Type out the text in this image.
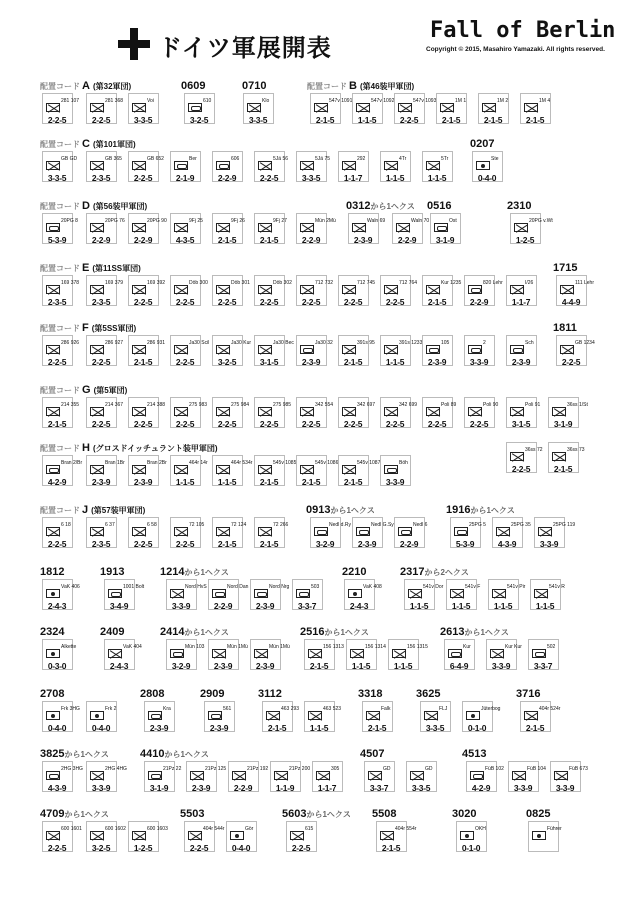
ドイツ軍展開表
Fall of Berlin
Copyright © 2015, Masahiro Yamazaki. All rights reserved.
配置コード A (第32軍団)	0609	0710	配置コード B (第46装甲軍団)
281 107
2-2-5
281 368
2-2-5
Voi
3-3-5
610
3-2-5
Klo
3-3-5
547v 1091
2-1-5
547v 1092
1-1-5
547v 1093
2-2-5
1M 1
2-1-5
1M 2
2-1-5
1M 4
2-1-5
配置コード C (第101軍団)	0207
GB GD
3-3-5
GB 365
2-3-5
GB 652
2-2-5
Ber
2-1-9
606
2-2-9
5Jä 56
2-2-5
5Jä 75
3-3-5
292
1-1-7
4Tr
1-1-5
5Tr
1-1-5
Ste
0-4-0
配置コード D (第56装甲軍団)	0312から1ヘクス 0516	2310
20PG 8
5-3-9
20PG 76
2-2-9
20PG 90
2-2-9
9Fj 25
4-3-5
9Fj 26
2-1-5
9Fj 27
2-1-5
Mün 2Mü
2-2-9
Waln 69
2-3-9
Waln 70
2-2-9
Ost
3-1-9
20PG v.Wt
1-2-5
配置コード E (第11SS軍団)	1715
169 378
2-3-5
169 379
2-3-5
169 392
2-2-5
Döb 300
2-2-5
Döb 301
2-2-5
Döb 302
2-2-5
712 732
2-2-5
712 745
2-2-5
712 764
2-2-5
Kur 1235
2-1-5
820 Lehr
2-2-9
I/26
1-1-7
111 Lehr
4-4-9
配置コード F (第5SS軍団)	1811
286 926
2-2-5
286 927
2-2-5
286 931
2-1-5
Ja30 Scil
2-2-5
Ja30 Kur
3-2-5
Ja30 Bec
3-1-5
Ja30 32
2-3-9
391s 95
2-1-5
391s 1233
1-1-5
105
2-3-9
2
3-3-9
Sch
2-3-9
GB 1234
2-2-5
配置コード G (第5軍団)
214 355
2-1-5
214 367
2-2-5
214 388
2-2-5
275 983
2-2-5
275 984
2-2-5
275 985
2-2-5
342 554
2-2-5
342 697
2-2-5
342 699
2-2-5
Poli 89
2-2-5
Poli 90
2-2-5
Poli 91
3-1-5
36ss 1/St
3-1-9
配置コード H (グロスドイッチュラント装甲軍団)
Bran 2/Br
4-2-9
Bran 1Br
2-3-9
Bran 2Br
2-3-9
464r 14r
1-1-5
464r 534r
1-1-5
545v 1085
2-1-5
545v 1086
2-1-5
545v 1087
2-1-5
Böh
3-3-9
36ss 72
2-2-5
36ss 73
2-1-5
配置コード J (第57装甲軍団)	0913から1ヘクス	1916から1ヘクス
6 18
2-2-5
6 37
2-3-5
6 58
2-2-5
72 105
2-2-5
72 124
2-1-5
72 266
2-1-5
Nedl d.Ry
3-2-9
Nedl G.Sy
2-3-9
Nedl 6
2-2-9
25PG 5
5-3-9
25PG 35
4-3-9
25PG 119
3-3-9
1812	1913	1214から1ヘクス	2210	2317から2ヘクス
VaK 406
2-4-3
1001 Bolt
3-4-9
Nord HvS
3-3-9
Nord Dan
2-2-9
Nord Nrg
2-3-9
503
3-3-7
VaK 408
2-4-3
541v Dor
1-1-5
541v F
1-1-5
541v Pir
1-1-5
541v R
1-1-5
2324	2409	2414から1ヘクス	2516から1ヘクス	2613から1ヘクス
Alkette
0-3-0
VaK 404
2-4-3
Mün 103
3-2-9
Mün 1Mü
2-3-9
Mün 1Mü
2-3-9
156 1313
2-1-5
156 1314
1-1-5
156 1315
1-1-5
Kur
6-4-9
Kur Kur
3-3-9
502
3-3-7
2708	2808	2909	3112	3318	3625	3716
Frk 3HG
0-4-0
Frk 2
0-4-0
Kra
2-3-9
561
2-3-9
463 293
2-1-5
463 523
1-1-5
Falk
2-1-5
FLJ
3-3-5
Jüterbog
0-1-0
404r 524r
2-1-5
3825から1ヘクス	4410から1ヘクス	4507	4513
2HG 3HG
4-3-9
2HG 4HG
3-3-9
21Pz 22
3-1-9
21Pz 125
2-3-9
21Pz 192
2-2-9
21Pz 200
1-1-9
305
1-1-7
GD
3-3-7
GD
3-3-5
FüB 102
4-2-9
FüB 104
3-3-9
FüB 673
3-3-9
4709から1ヘクス	5503	5603から1ヘクス 5508	3020	0825
600 1601
2-2-5
600 1602
3-2-5
600 1603
1-2-5
404r 544r
2-2-5
Gör
0-4-0
615
2-2-5
404r 554r
2-1-5
OKH
0-1-0
Führer
